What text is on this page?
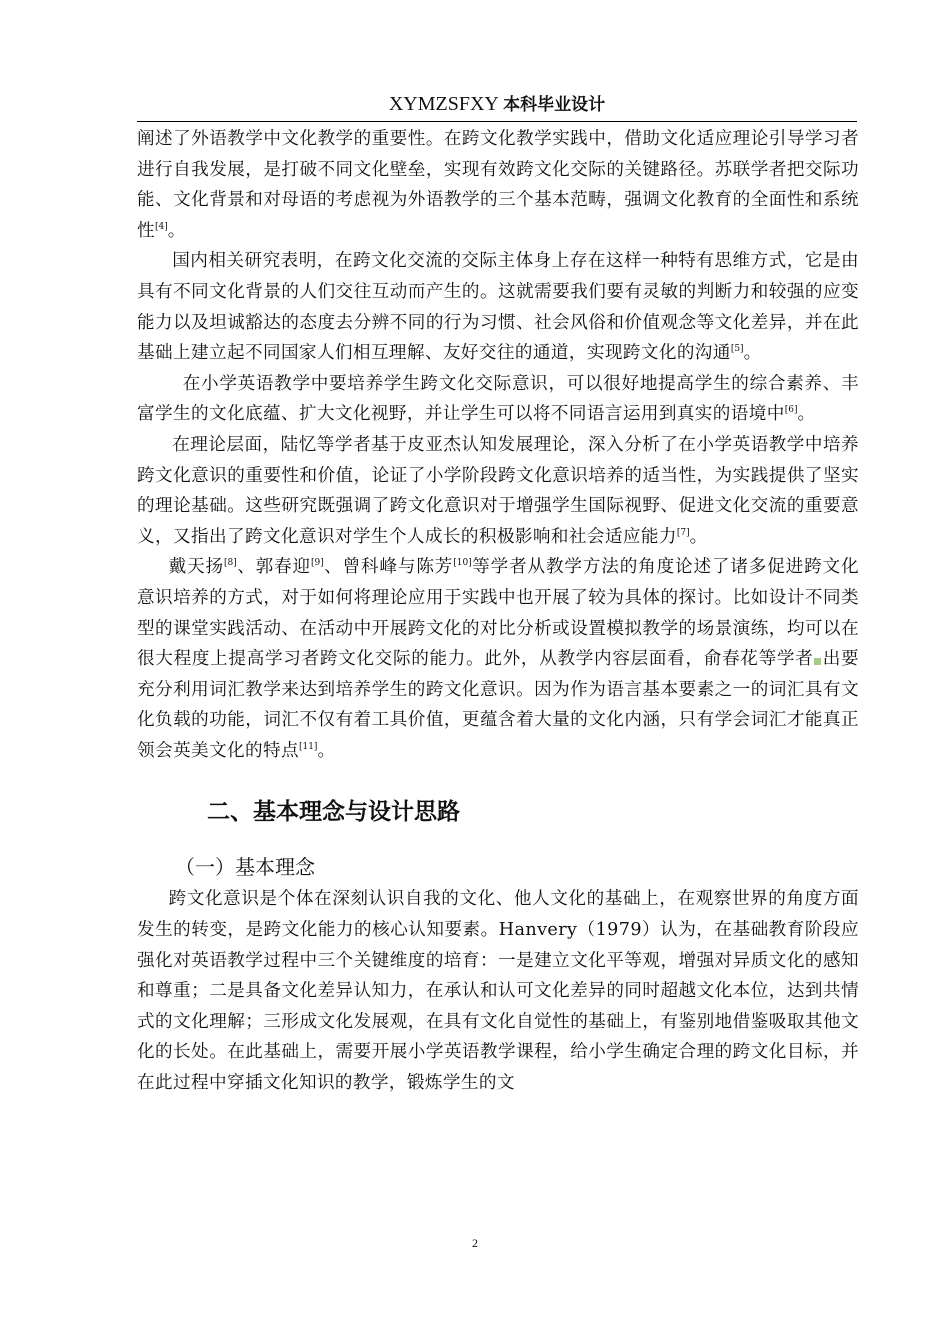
XYMZSFXY 本科毕业设计

阐述了外语教学中文化教学的重要性。在跨文化教学实践中，借助文化适应理论引导学习者进行自我发展，是打破不同文化壁垒，实现有效跨文化交际的关键路径。苏联学者把交际功能、文化背景和对母语的考虑视为外语教学的三个基本范畴，强调文化教育的全面性和系统性[4]。

国内相关研究表明，在跨文化交流的交际主体身上存在这样一种特有思维方式，它是由具有不同文化背景的人们交往互动而产生的。这就需要我们要有灵敏的判断力和较强的应变能力以及坦诚豁达的态度去分辨不同的行为习惯、社会风俗和价值观念等文化差异，并在此基础上建立起不同国家人们相互理解、友好交往的通道，实现跨文化的沟通[5]。

在小学英语教学中要培养学生跨文化交际意识，可以很好地提高学生的综合素养、丰富学生的文化底蕴、扩大文化视野，并让学生可以将不同语言运用到真实的语境中[6]。

在理论层面，陆忆等学者基于皮亚杰认知发展理论，深入分析了在小学英语教学中培养跨文化意识的重要性和价值，论证了小学阶段跨文化意识培养的适当性，为实践提供了坚实的理论基础。这些研究既强调了跨文化意识对于增强学生国际视野、促进文化交流的重要意义，又指出了跨文化意识对学生个人成长的积极影响和社会适应能力[7]。

戴天扬[8]、郭春迎[9]、曾科峰与陈芳[10]等学者从教学方法的角度论述了诸多促进跨文化意识培养的方式，对于如何将理论应用于实践中也开展了较为具体的探讨。比如设计不同类型的课堂实践活动、在活动中开展跨文化的对比分析或设置模拟教学的场景演练，均可以在很大程度上提高学习者跨文化交际的能力。此外，从教学内容层面看，俞春花等学者 出要充分利用词汇教学来达到培养学生的跨文化意识。因为作为语言基本要素之一的词汇具有文化负载的功能，词汇不仅有着工具价值，更蕴含着大量的文化内涵，只有学会词汇才能真正领会英美文化的特点[11]。

二、基本理念与设计思路
（一）基本理念

跨文化意识是个体在深刻认识自我的文化、他人文化的基础上，在观察世界的角度方面发生的转变，是跨文化能力的核心认知要素。Hanvery（1979）认为，在基础教育阶段应强化对英语教学过程中三个关键维度的培育：一是建立文化平等观，增强对异质文化的感知和尊重；二是具备文化差异认知力，在承认和认可文化差异的同时超越文化本位，达到共情式的文化理解；三形成文化发展观，在具有文化自觉性的基础上，有鉴别地借鉴吸取其他文化的长处。在此基础上，需要开展小学英语教学课程，给小学生确定合理的跨文化目标，并在此过程中穿插文化知识的教学，锻炼学生的文

2
